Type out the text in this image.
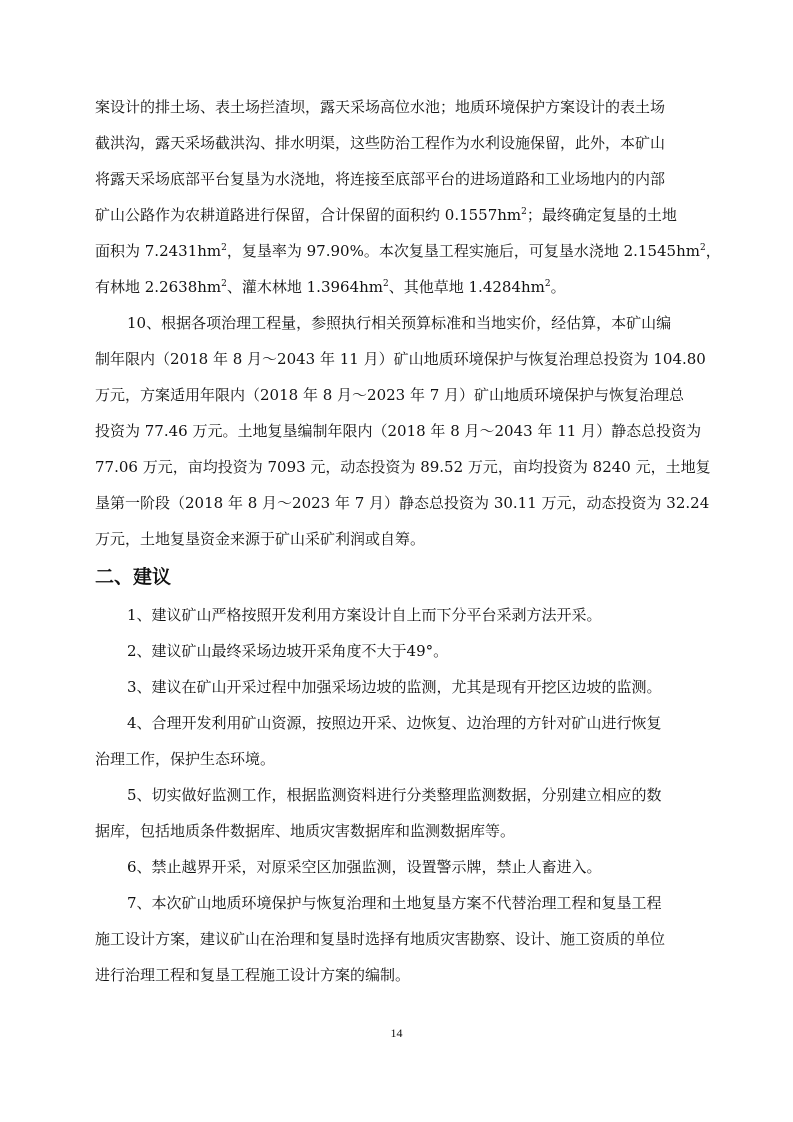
案设计的排土场、表土场拦渣坝，露天采场高位水池；地质环境保护方案设计的表土场
截洪沟，露天采场截洪沟、排水明渠，这些防治工程作为水利设施保留，此外，本矿山
将露天采场底部平台复垦为水浇地，将连接至底部平台的进场道路和工业场地内的内部
矿山公路作为农耕道路进行保留，合计保留的面积约 $0.1557hm^2$；最终确定复垦的土地
面积为 $7.2431hm^2$，复垦率为 97.90%。本次复垦工程实施后，可复垦水浇地 $2.1545hm^2$，
有林地 $2.2638hm^2$、灌木林地 $1.3964hm^2$、其他草地 $1.4284hm^2$。
10、根据各项治理工程量，参照执行相关预算标准和当地实价，经估算，本矿山编
制年限内（2018 年 8 月～2043 年 11 月）矿山地质环境保护与恢复治理总投资为 104.80
万元，方案适用年限内（2018 年 8 月～2023 年 7 月）矿山地质环境保护与恢复治理总
投资为 77.46 万元。土地复垦编制年限内（2018 年 8 月～2043 年 11 月）静态总投资为
77.06 万元，亩均投资为 7093 元，动态投资为 89.52 万元，亩均投资为 8240 元，土地复
垦第一阶段（2018 年 8 月～2023 年 7 月）静态总投资为 30.11 万元，动态投资为 32.24
万元，土地复垦资金来源于矿山采矿利润或自筹。
二、建议
1、建议矿山严格按照开发利用方案设计自上而下分平台采剥方法开采。
2、建议矿山最终采场边坡开采角度不大于49°。
3、建议在矿山开采过程中加强采场边坡的监测，尤其是现有开挖区边坡的监测。
4、合理开发利用矿山资源，按照边开采、边恢复、边治理的方针对矿山进行恢复
治理工作，保护生态环境。
5、切实做好监测工作，根据监测资料进行分类整理监测数据，分别建立相应的数
据库，包括地质条件数据库、地质灾害数据库和监测数据库等。
6、禁止越界开采，对原采空区加强监测，设置警示牌，禁止人畜进入。
7、本次矿山地质环境保护与恢复治理和土地复垦方案不代替治理工程和复垦工程
施工设计方案，建议矿山在治理和复垦时选择有地质灾害勘察、设计、施工资质的单位
进行治理工程和复垦工程施工设计方案的编制。
14
